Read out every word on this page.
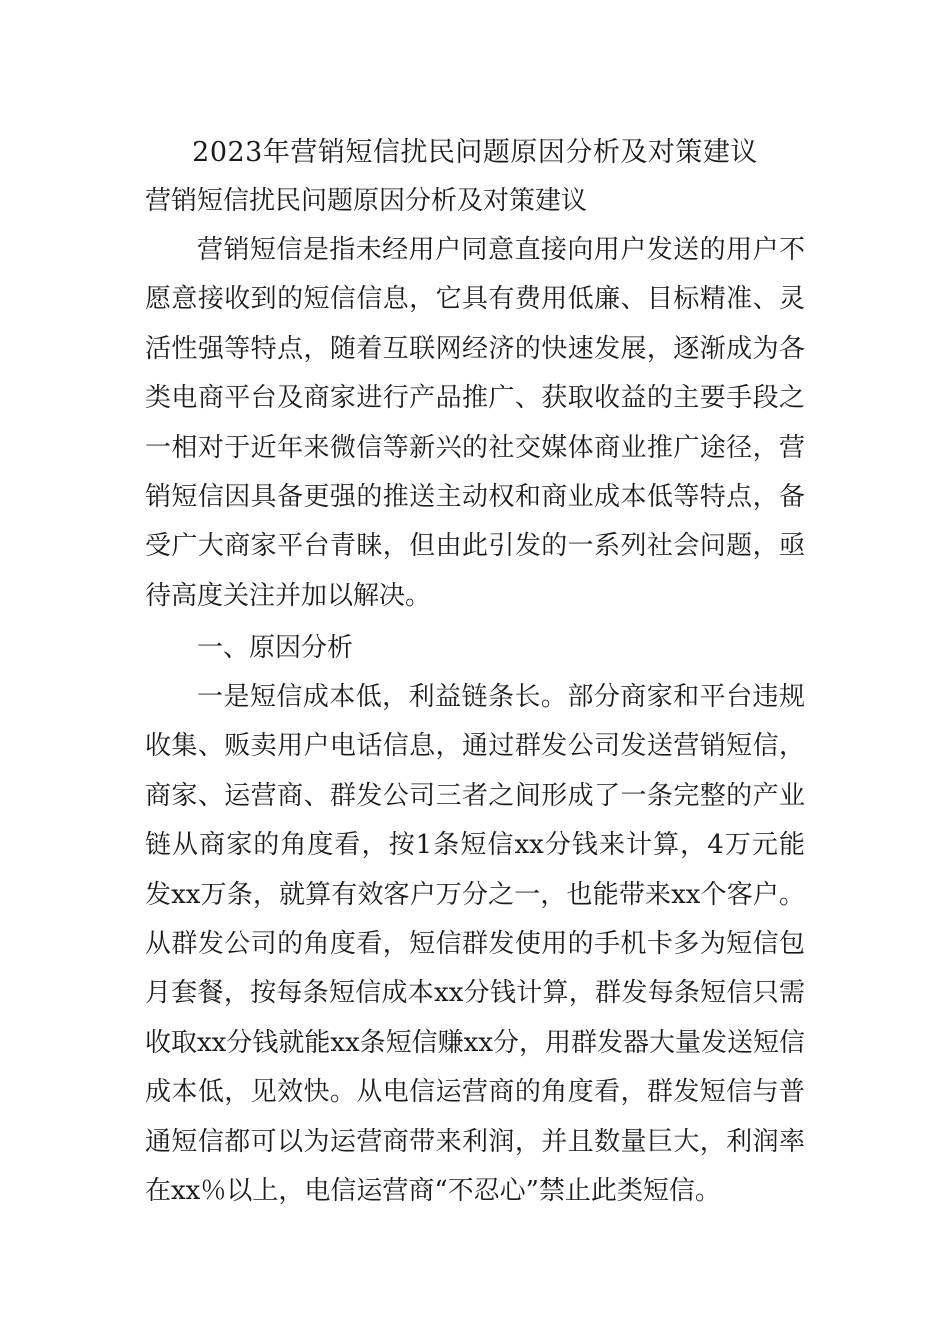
2023年营销短信扰民问题原因分析及对策建议
营销短信扰民问题原因分析及对策建议

营销短信是指未经用户同意直接向用户发送的用户不愿意接收到的短信信息，它具有费用低廉、目标精准、灵活性强等特点，随着互联网经济的快速发展，逐渐成为各类电商平台及商家进行产品推广、获取收益的主要手段之一相对于近年来微信等新兴的社交媒体商业推广途径，营销短信因具备更强的推送主动权和商业成本低等特点，备受广大商家平台青睐，但由此引发的一系列社会问题，亟待高度关注并加以解决。

一、原因分析

一是短信成本低，利益链条长。部分商家和平台违规收集、贩卖用户电话信息，通过群发公司发送营销短信，商家、运营商、群发公司三者之间形成了一条完整的产业链从商家的角度看，按1条短信xx分钱来计算，4万元能发xx万条，就算有效客户万分之一，也能带来xx个客户。从群发公司的角度看，短信群发使用的手机卡多为短信包月套餐，按每条短信成本xx分钱计算，群发每条短信只需收取xx分钱就能xx条短信赚xx分，用群发器大量发送短信成本低，见效快。从电信运营商的角度看，群发短信与普通短信都可以为运营商带来利润，并且数量巨大，利润率在xx％以上，电信运营商“不忍心”禁止此类短信。
